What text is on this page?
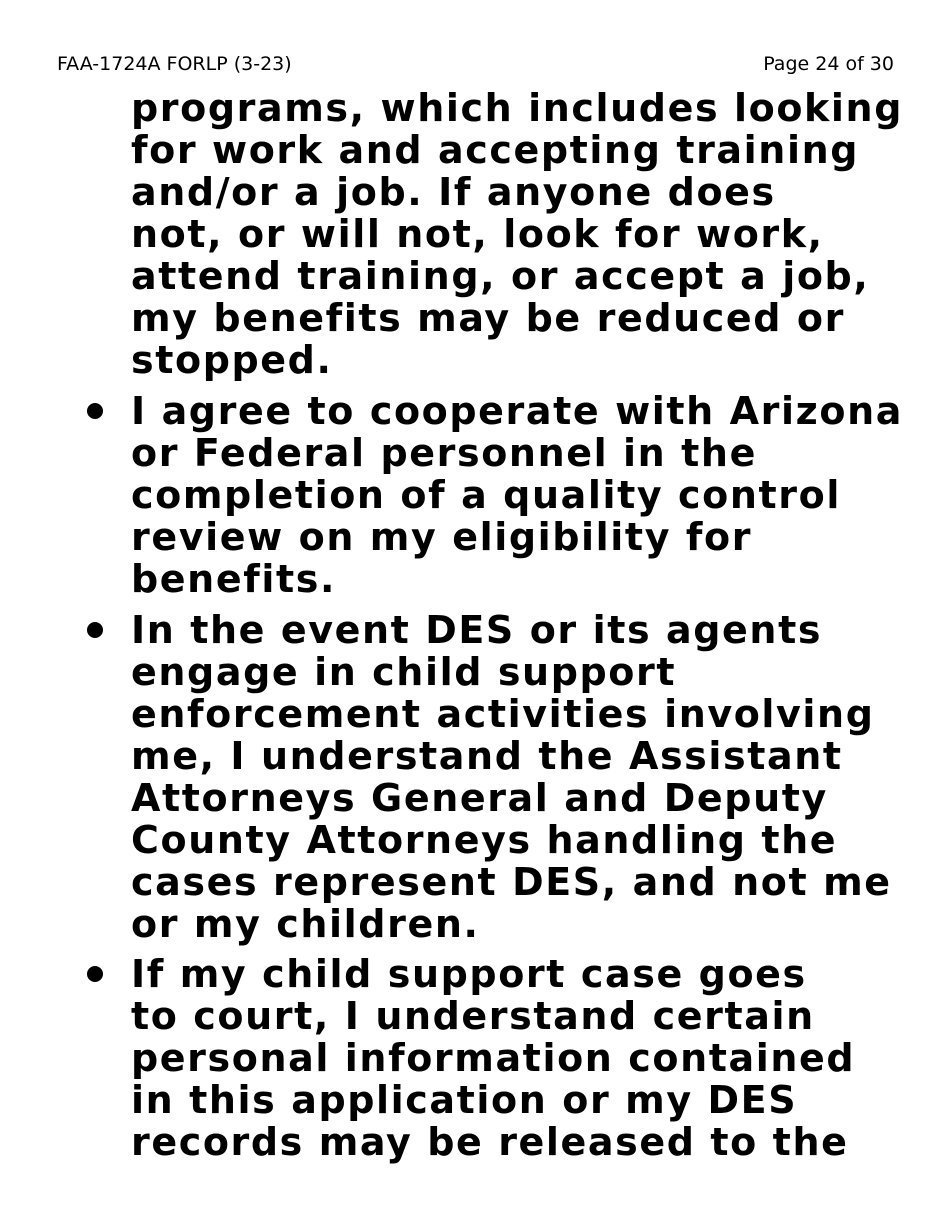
FAA-1724A FORLP (3-23)	Page 24 of 30
programs, which includes looking
for work and accepting training
and/or a job. If anyone does
not, or will not, look for work,
attend training, or accept a job,
my benefits may be reduced or
stopped.
I agree to cooperate with Arizona
or Federal personnel in the
completion of a quality control
review on my eligibility for
benefits.
In the event DES or its agents
engage in child support
enforcement activities involving
me, I understand the Assistant
Attorneys General and Deputy
County Attorneys handling the
cases represent DES, and not me
or my children.
If my child support case goes
to court, I understand certain
personal information contained
in this application or my DES
records may be released to the
